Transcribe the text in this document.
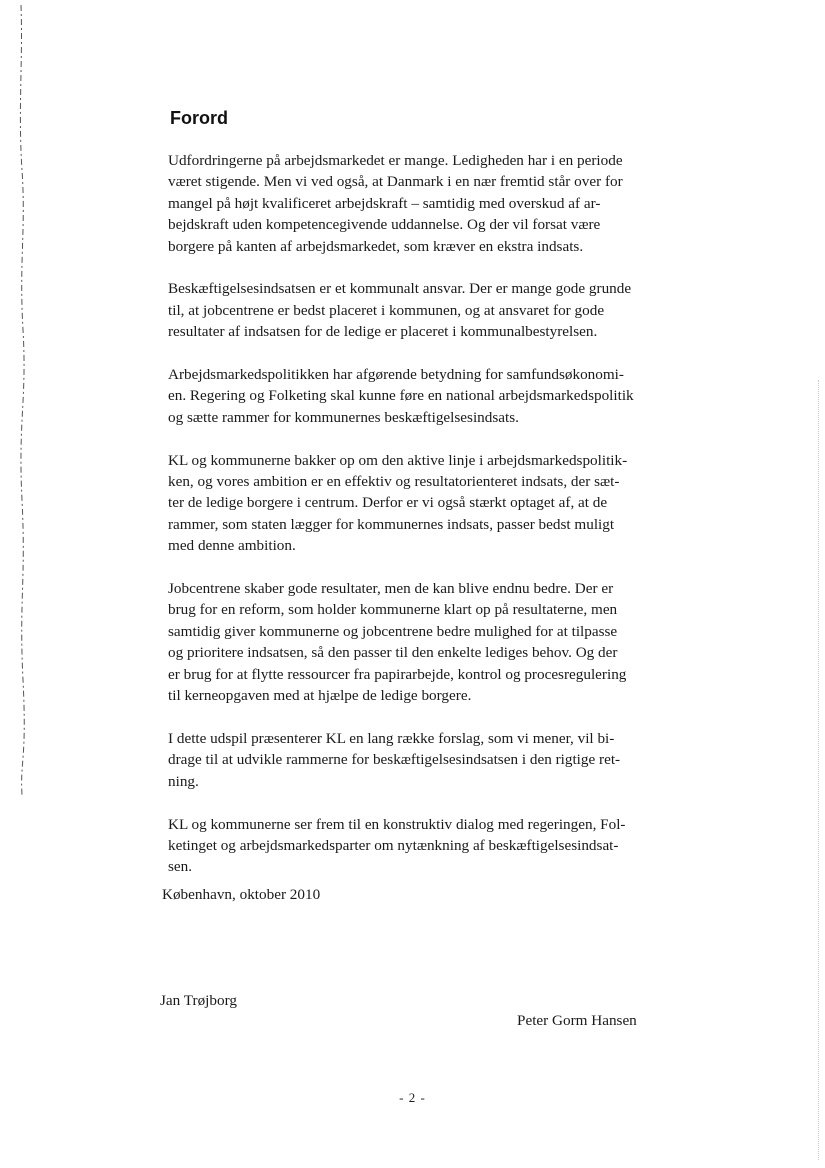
Forord

Udfordringerne på arbejdsmarkedet er mange. Ledigheden har i en periode
været stigende. Men vi ved også, at Danmark i en nær fremtid står over for
mangel på højt kvalificeret arbejdskraft – samtidig med overskud af ar-
bejdskraft uden kompetencegivende uddannelse. Og der vil forsat være
borgere på kanten af arbejdsmarkedet, som kræver en ekstra indsats.

Beskæftigelsesindsatsen er et kommunalt ansvar. Der er mange gode grunde
til, at jobcentrene er bedst placeret i kommunen, og at ansvaret for gode
resultater af indsatsen for de ledige er placeret i kommunalbestyrelsen.

Arbejdsmarkedspolitikken har afgørende betydning for samfundsøkonomi-
en. Regering og Folketing skal kunne føre en national arbejdsmarkedspolitik
og sætte rammer for kommunernes beskæftigelsesindsats.

KL og kommunerne bakker op om den aktive linje i arbejdsmarkedspolitik-
ken, og vores ambition er en effektiv og resultatorienteret indsats, der sæt-
ter de ledige borgere i centrum. Derfor er vi også stærkt optaget af, at de
rammer, som staten lægger for kommunernes indsats, passer bedst muligt
med denne ambition.

Jobcentrene skaber gode resultater, men de kan blive endnu bedre. Der er
brug for en reform, som holder kommunerne klart op på resultaterne, men
samtidig giver kommunerne og jobcentrene bedre mulighed for at tilpasse
og prioritere indsatsen, så den passer til den enkelte lediges behov. Og der
er brug for at flytte ressourcer fra papirarbejde, kontrol og procesregulering
til kerneopgaven med at hjælpe de ledige borgere.

I dette udspil præsenterer KL en lang række forslag, som vi mener, vil bi-
drage til at udvikle rammerne for beskæftigelsesindsatsen i den rigtige ret-
ning.

KL og kommunerne ser frem til en konstruktiv dialog med regeringen, Fol-
ketinget og arbejdsmarkedsparter om nytænkning af beskæftigelsesindsat-
sen.

København, oktober 2010
Jan Trøjborg
Peter Gorm Hansen
- 2 -
